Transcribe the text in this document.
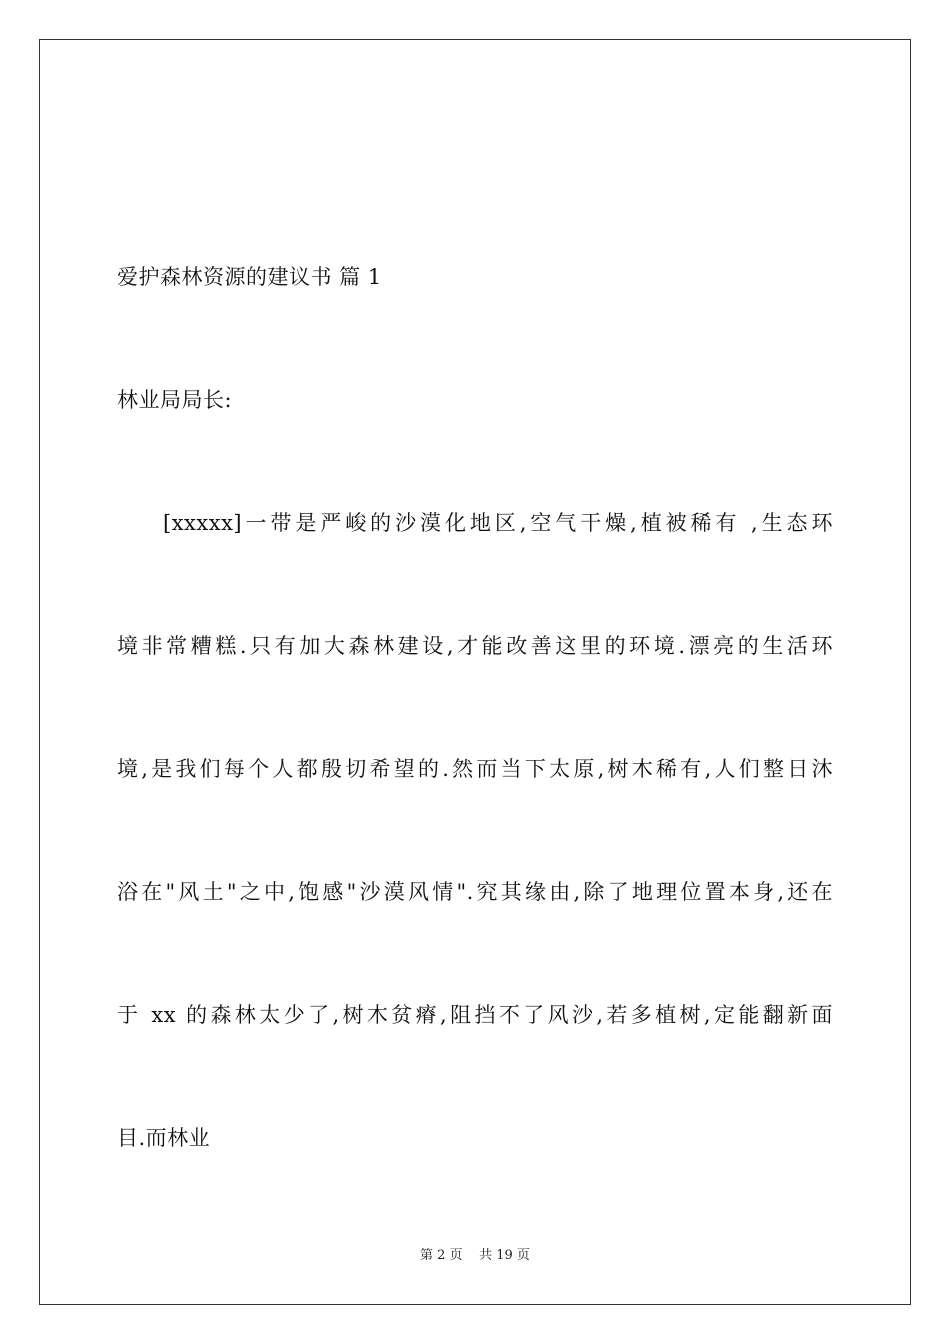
爱护森林资源的建议书 篇 1
林业局局长:
[xxxxx]一带是严峻的沙漠化地区,空气干燥,植被稀有 ,生态环
境非常糟糕.只有加大森林建设,才能改善这里的环境.漂亮的生活环
境,是我们每个人都殷切希望的.然而当下太原,树木稀有,人们整日沐
浴在"风土"之中,饱感"沙漠风情".究其缘由,除了地理位置本身,还在
于 xx 的森林太少了,树木贫瘠,阻挡不了风沙,若多植树,定能翻新面
目.而林业
第 2 页 共 19 页
